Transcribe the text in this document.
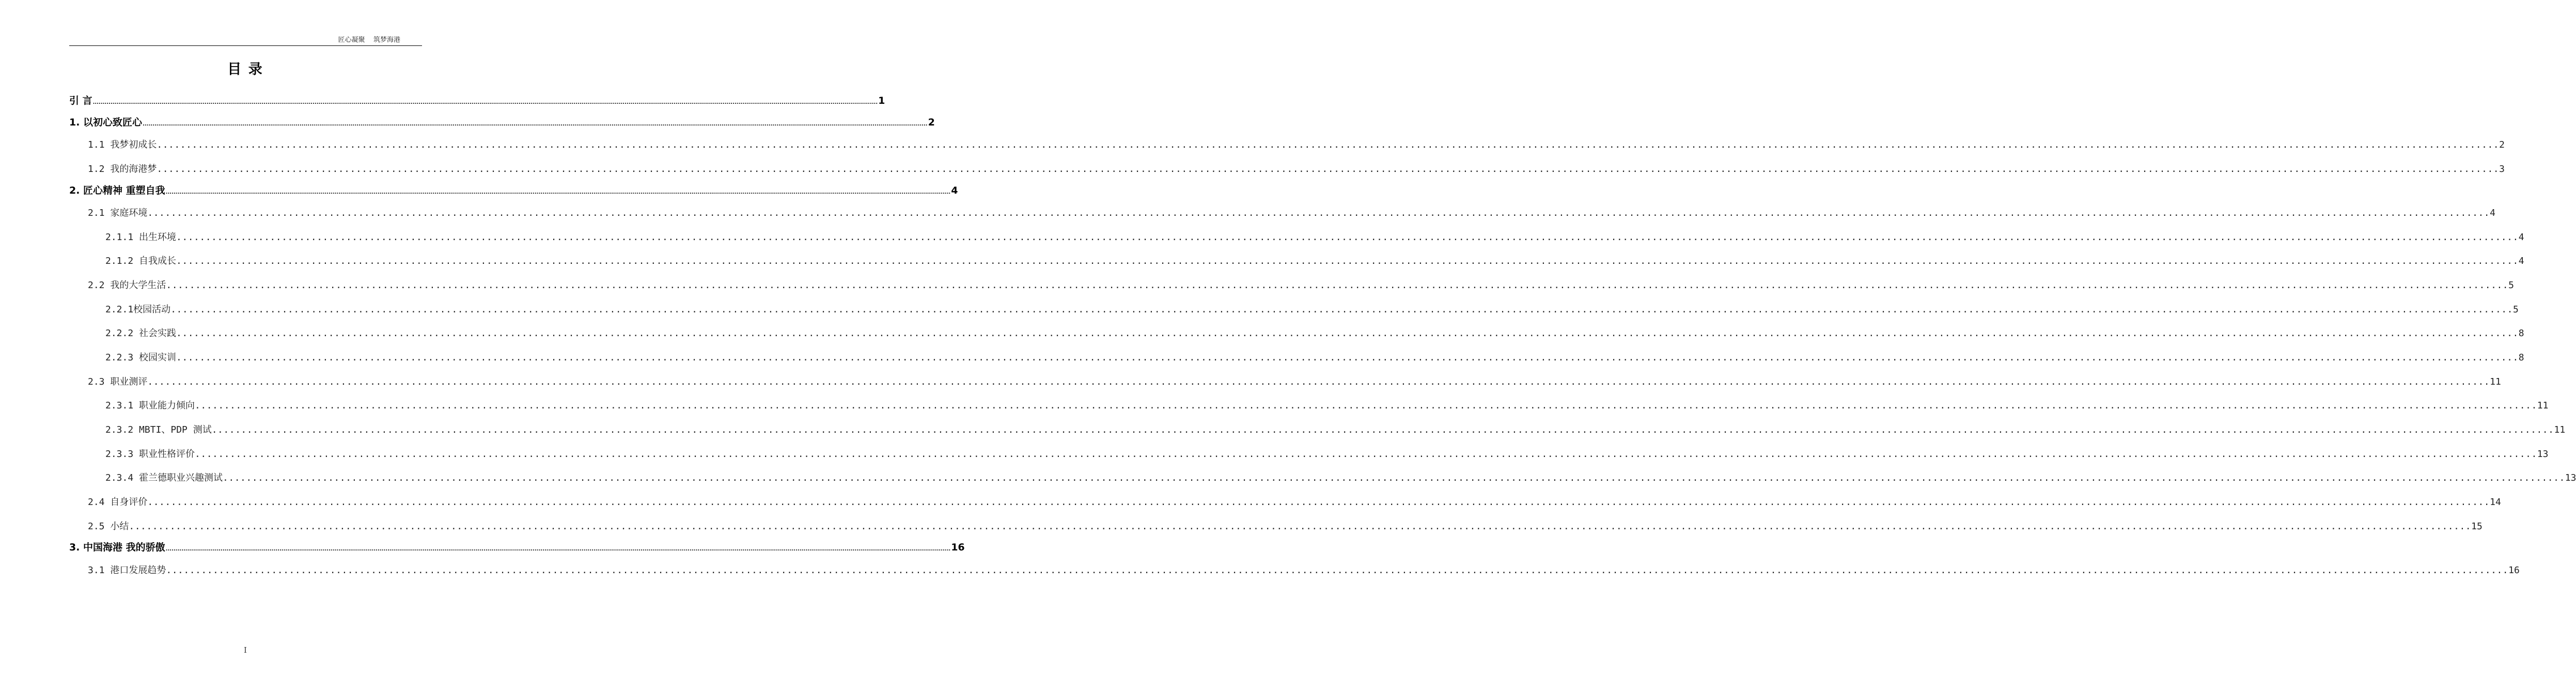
匠心凝聚    筑梦海港
目 录
引 言 ................................................................................................................................................................................................................................................................................................................................................................................................................ 1
1. 以初心致匠心 ................................................................................................................................................................................................................................................................................................................................................................................................................ 2
1.1 我梦初成长 ................................................................................................................................................................................................................................................................................................................................................................................................................ 2
1.2 我的海港梦 ................................................................................................................................................................................................................................................................................................................................................................................................................ 3
2. 匠心精神 重塑自我 ................................................................................................................................................................................................................................................................................................................................................................................................................ 4
2.1 家庭环境 ................................................................................................................................................................................................................................................................................................................................................................................................................ 4
2.1.1 出生环境 ................................................................................................................................................................................................................................................................................................................................................................................................................ 4
2.1.2 自我成长 ................................................................................................................................................................................................................................................................................................................................................................................................................ 4
2.2 我的大学生活 ................................................................................................................................................................................................................................................................................................................................................................................................................ 5
2.2.1校园活动 ................................................................................................................................................................................................................................................................................................................................................................................................................ 5
2.2.2 社会实践 ................................................................................................................................................................................................................................................................................................................................................................................................................ 8
2.2.3 校园实训 ................................................................................................................................................................................................................................................................................................................................................................................................................ 8
2.3 职业测评 ................................................................................................................................................................................................................................................................................................................................................................................................................ 11
2.3.1 职业能力倾向 ................................................................................................................................................................................................................................................................................................................................................................................................................ 11
2.3.2 MBTI、PDP 测试 ................................................................................................................................................................................................................................................................................................................................................................................................................ 11
2.3.3 职业性格评价 ................................................................................................................................................................................................................................................................................................................................................................................................................ 13
2.3.4 霍兰德职业兴趣测试 ................................................................................................................................................................................................................................................................................................................................................................................................................ 13
2.4 自身评价 ................................................................................................................................................................................................................................................................................................................................................................................................................ 14
2.5 小结 ................................................................................................................................................................................................................................................................................................................................................................................................................ 15
3. 中国海港 我的骄傲 ................................................................................................................................................................................................................................................................................................................................................................................................................ 16
3.1 港口发展趋势 ................................................................................................................................................................................................................................................................................................................................................................................................................ 16
I
